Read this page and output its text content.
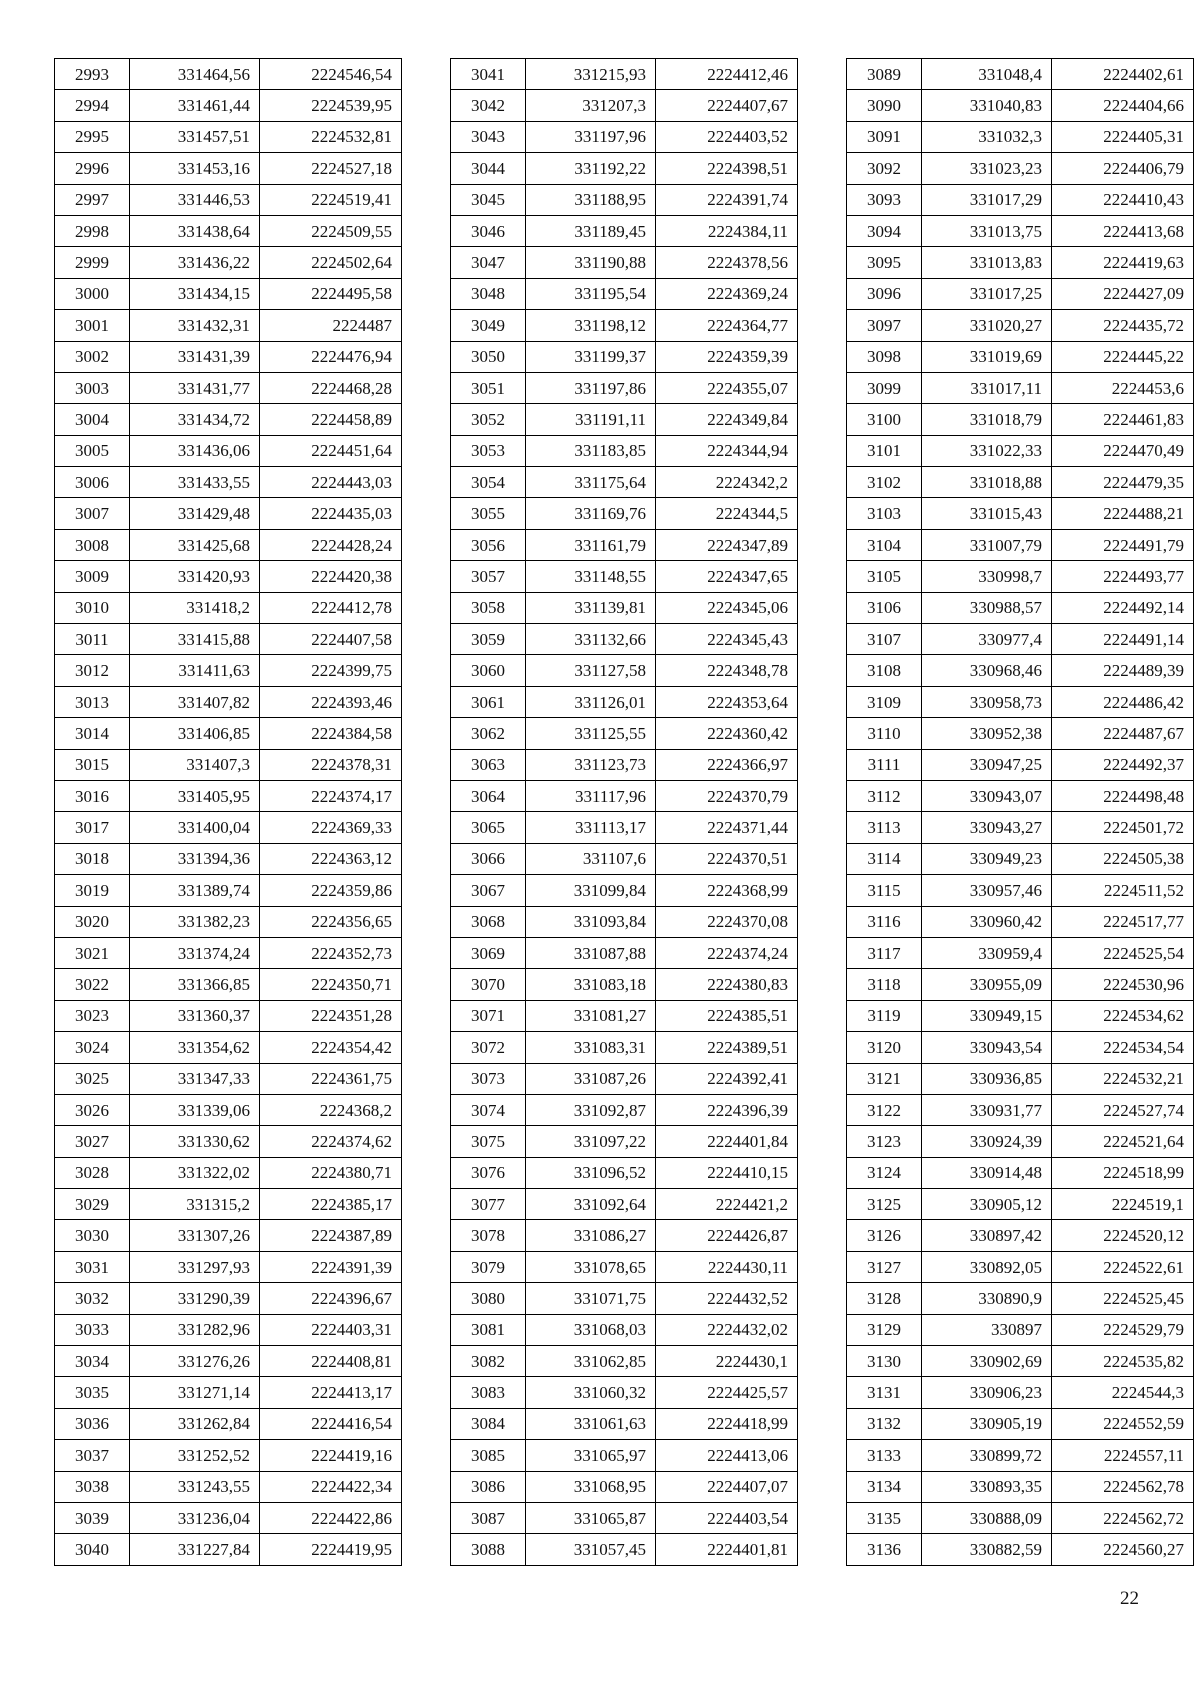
2993	331464,56	2224546,54
2994	331461,44	2224539,95
2995	331457,51	2224532,81
2996	331453,16	2224527,18
2997	331446,53	2224519,41
2998	331438,64	2224509,55
2999	331436,22	2224502,64
3000	331434,15	2224495,58
3001	331432,31	2224487
3002	331431,39	2224476,94
3003	331431,77	2224468,28
3004	331434,72	2224458,89
3005	331436,06	2224451,64
3006	331433,55	2224443,03
3007	331429,48	2224435,03
3008	331425,68	2224428,24
3009	331420,93	2224420,38
3010	331418,2	2224412,78
3011	331415,88	2224407,58
3012	331411,63	2224399,75
3013	331407,82	2224393,46
3014	331406,85	2224384,58
3015	331407,3	2224378,31
3016	331405,95	2224374,17
3017	331400,04	2224369,33
3018	331394,36	2224363,12
3019	331389,74	2224359,86
3020	331382,23	2224356,65
3021	331374,24	2224352,73
3022	331366,85	2224350,71
3023	331360,37	2224351,28
3024	331354,62	2224354,42
3025	331347,33	2224361,75
3026	331339,06	2224368,2
3027	331330,62	2224374,62
3028	331322,02	2224380,71
3029	331315,2	2224385,17
3030	331307,26	2224387,89
3031	331297,93	2224391,39
3032	331290,39	2224396,67
3033	331282,96	2224403,31
3034	331276,26	2224408,81
3035	331271,14	2224413,17
3036	331262,84	2224416,54
3037	331252,52	2224419,16
3038	331243,55	2224422,34
3039	331236,04	2224422,86
3040	331227,84	2224419,95
3041	331215,93	2224412,46
3042	331207,3	2224407,67
3043	331197,96	2224403,52
3044	331192,22	2224398,51
3045	331188,95	2224391,74
3046	331189,45	2224384,11
3047	331190,88	2224378,56
3048	331195,54	2224369,24
3049	331198,12	2224364,77
3050	331199,37	2224359,39
3051	331197,86	2224355,07
3052	331191,11	2224349,84
3053	331183,85	2224344,94
3054	331175,64	2224342,2
3055	331169,76	2224344,5
3056	331161,79	2224347,89
3057	331148,55	2224347,65
3058	331139,81	2224345,06
3059	331132,66	2224345,43
3060	331127,58	2224348,78
3061	331126,01	2224353,64
3062	331125,55	2224360,42
3063	331123,73	2224366,97
3064	331117,96	2224370,79
3065	331113,17	2224371,44
3066	331107,6	2224370,51
3067	331099,84	2224368,99
3068	331093,84	2224370,08
3069	331087,88	2224374,24
3070	331083,18	2224380,83
3071	331081,27	2224385,51
3072	331083,31	2224389,51
3073	331087,26	2224392,41
3074	331092,87	2224396,39
3075	331097,22	2224401,84
3076	331096,52	2224410,15
3077	331092,64	2224421,2
3078	331086,27	2224426,87
3079	331078,65	2224430,11
3080	331071,75	2224432,52
3081	331068,03	2224432,02
3082	331062,85	2224430,1
3083	331060,32	2224425,57
3084	331061,63	2224418,99
3085	331065,97	2224413,06
3086	331068,95	2224407,07
3087	331065,87	2224403,54
3088	331057,45	2224401,81
3089	331048,4	2224402,61
3090	331040,83	2224404,66
3091	331032,3	2224405,31
3092	331023,23	2224406,79
3093	331017,29	2224410,43
3094	331013,75	2224413,68
3095	331013,83	2224419,63
3096	331017,25	2224427,09
3097	331020,27	2224435,72
3098	331019,69	2224445,22
3099	331017,11	2224453,6
3100	331018,79	2224461,83
3101	331022,33	2224470,49
3102	331018,88	2224479,35
3103	331015,43	2224488,21
3104	331007,79	2224491,79
3105	330998,7	2224493,77
3106	330988,57	2224492,14
3107	330977,4	2224491,14
3108	330968,46	2224489,39
3109	330958,73	2224486,42
3110	330952,38	2224487,67
3111	330947,25	2224492,37
3112	330943,07	2224498,48
3113	330943,27	2224501,72
3114	330949,23	2224505,38
3115	330957,46	2224511,52
3116	330960,42	2224517,77
3117	330959,4	2224525,54
3118	330955,09	2224530,96
3119	330949,15	2224534,62
3120	330943,54	2224534,54
3121	330936,85	2224532,21
3122	330931,77	2224527,74
3123	330924,39	2224521,64
3124	330914,48	2224518,99
3125	330905,12	2224519,1
3126	330897,42	2224520,12
3127	330892,05	2224522,61
3128	330890,9	2224525,45
3129	330897	2224529,79
3130	330902,69	2224535,82
3131	330906,23	2224544,3
3132	330905,19	2224552,59
3133	330899,72	2224557,11
3134	330893,35	2224562,78
3135	330888,09	2224562,72
3136	330882,59	2224560,27
22
